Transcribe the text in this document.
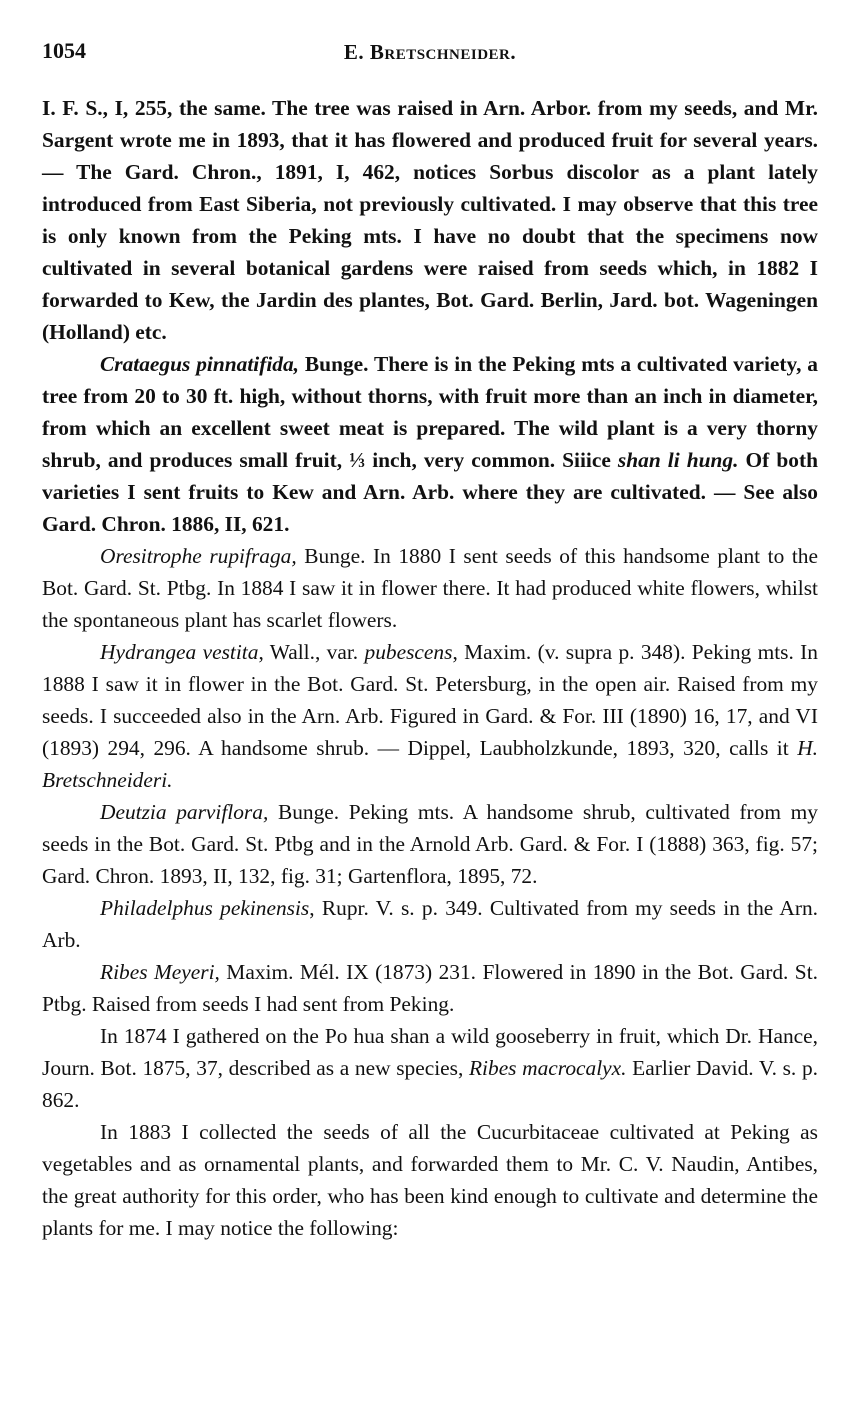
1054	E. Bretschneider.

I. F. S., I, 255, the same. The tree was raised in Arn. Arbor. from my seeds, and Mr. Sargent wrote me in 1893, that it has flowered and produced fruit for several years. — The Gard. Chron., 1891, I, 462, notices Sorbus discolor as a plant lately introduced from East Siberia, not previously cultivated. I may observe that this tree is only known from the Peking mts. I have no doubt that the specimens now cultivated in several botanical gardens were raised from seeds which, in 1882 I forwarded to Kew, the Jardin des plantes, Bot. Gard. Berlin, Jard. bot. Wageningen (Holland) etc.

Crataegus pinnatifida, Bunge. There is in the Peking mts a cultivated variety, a tree from 20 to 30 ft. high, without thorns, with fruit more than an inch in diameter, from which an excellent sweet meat is prepared. The wild plant is a very thorny shrub, and produces small fruit, ⅓ inch, very common. Siiice shan li hung. Of both varieties I sent fruits to Kew and Arn. Arb. where they are cultivated. — See also Gard. Chron. 1886, II, 621.

Oresitrophe rupifraga, Bunge. In 1880 I sent seeds of this handsome plant to the Bot. Gard. St. Ptbg. In 1884 I saw it in flower there. It had produced white flowers, whilst the spontaneous plant has scarlet flowers.

Hydrangea vestita, Wall., var. pubescens, Maxim. (v. supra p. 348). Peking mts. In 1888 I saw it in flower in the Bot. Gard. St. Petersburg, in the open air. Raised from my seeds. I succeeded also in the Arn. Arb. Figured in Gard. & For. III (1890) 16, 17, and VI (1893) 294, 296. A handsome shrub. — Dippel, Laubholzkunde, 1893, 320, calls it H. Bretschneideri.

Deutzia parviflora, Bunge. Peking mts. A handsome shrub, cultivated from my seeds in the Bot. Gard. St. Ptbg and in the Arnold Arb. Gard. & For. I (1888) 363, fig. 57; Gard. Chron. 1893, II, 132, fig. 31; Gartenflora, 1895, 72.

Philadelphus pekinensis, Rupr. V. s. p. 349. Cultivated from my seeds in the Arn. Arb.

Ribes Meyeri, Maxim. Mél. IX (1873) 231. Flowered in 1890 in the Bot. Gard. St. Ptbg. Raised from seeds I had sent from Peking.

In 1874 I gathered on the Po hua shan a wild gooseberry in fruit, which Dr. Hance, Journ. Bot. 1875, 37, described as a new species, Ribes macrocalyx. Earlier David. V. s. p. 862.

In 1883 I collected the seeds of all the Cucurbitaceae cultivated at Peking as vegetables and as ornamental plants, and forwarded them to Mr. C. V. Naudin, Antibes, the great authority for this order, who has been kind enough to cultivate and determine the plants for me. I may notice the following:
